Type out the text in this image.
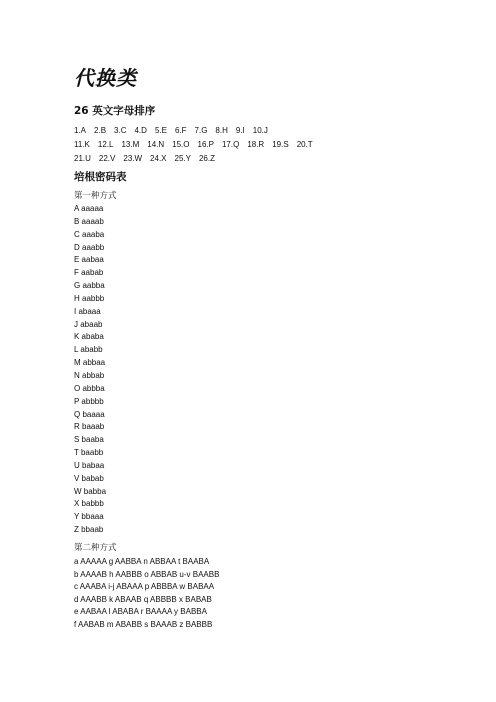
代换类
26 英文字母排序

1.A 2.B 3.C 4.D 5.E 6.F 7.G 8.H 9.I 10.J

11.K 12.L 13.M 14.N 15.O 16.P 17.Q 18.R 19.S 20.T

21.U 22.V 23.W 24.X 25.Y 26.Z

培根密码表

第一种方式

A aaaaa
B aaaab
C aaaba
D aaabb
E aabaa
F aabab
G aabba
H aabbb
I abaaa
J abaab
K ababa
L ababb
M abbaa
N abbab
O abbba
P abbbb
Q baaaa
R baaab
S baaba
T baabb
U babaa
V babab
W babba
X babbb
Y bbaaa
Z bbaab

第二种方式

a AAAAA g AABBA n ABBAA t BAABA
b AAAAB h AABBB o ABBAB u-v BAABB
c AAABA i-j ABAAA p ABBBA w BABAA
d AAABB k ABAAB q ABBBB x BABAB
e AABAA l ABABA r BAAAA y BABBA
f AABAB m ABABB s BAAAB z BABBB
